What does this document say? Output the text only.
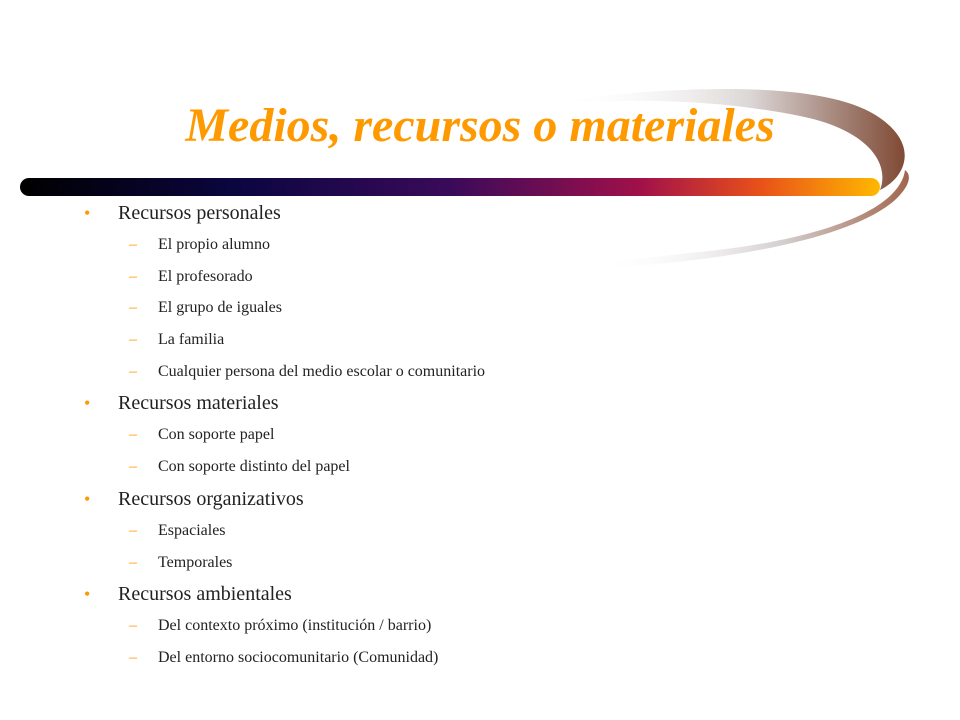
Medios, recursos o materiales
• Recursos personales
– El propio alumno
– El profesorado
– El grupo de iguales
– La familia
– Cualquier persona del medio escolar o comunitario
• Recursos materiales
– Con soporte papel
– Con soporte distinto del papel
• Recursos organizativos
– Espaciales
– Temporales
• Recursos ambientales
– Del contexto próximo (institución / barrio)
– Del entorno sociocomunitario (Comunidad)
